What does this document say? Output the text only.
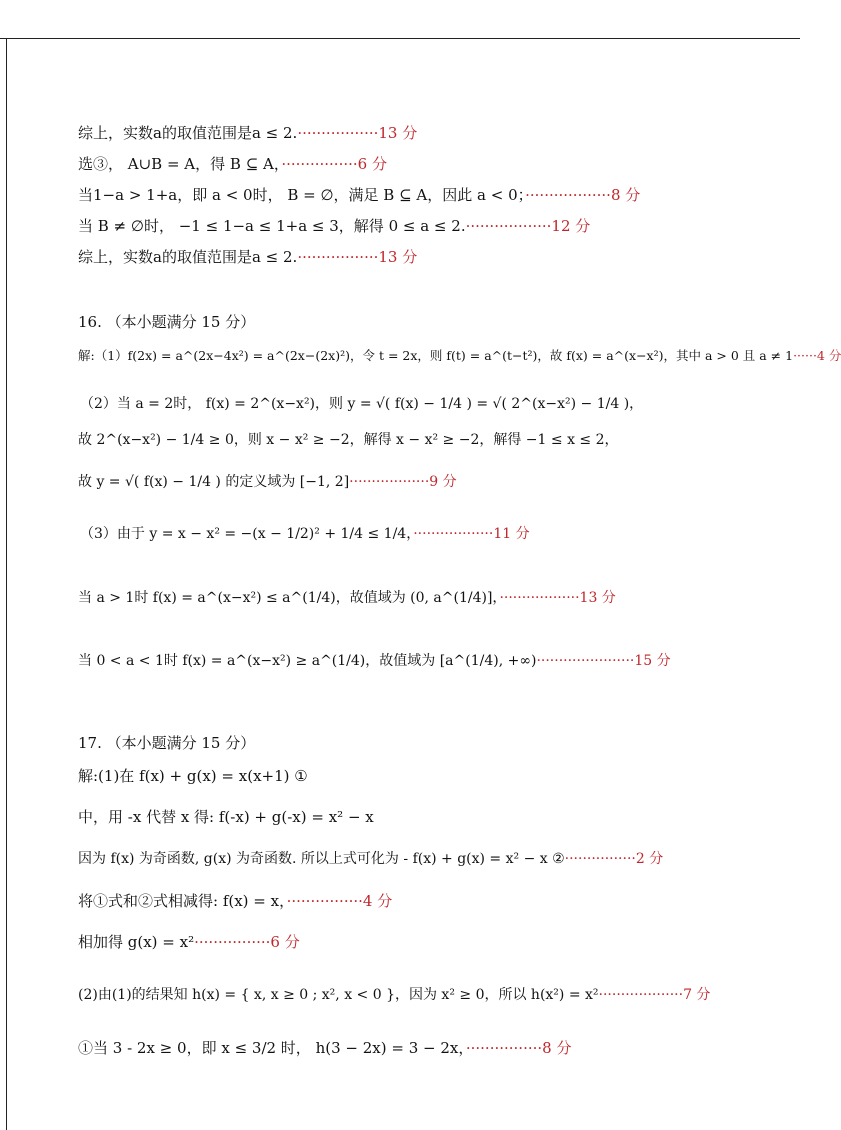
综上，实数a的取值范围是a ≤ 2.·················13 分
选③， A∪B = A，得 B ⊆ A，················6 分
当1−a > 1+a，即 a < 0时， B = ∅，满足 B ⊆ A，因此 a < 0；··················8 分
当 B ≠ ∅时， −1 ≤ 1−a ≤ 1+a ≤ 3，解得 0 ≤ a ≤ 2.··················12 分
综上，实数a的取值范围是a ≤ 2.·················13 分
16. （本小题满分 15 分）
解:（1）f(2x) = a^(2x−4x²) = a^(2x−(2x)²)，令 t = 2x，则 f(t) = a^(t−t²)，故 f(x) = a^(x−x²)，其中 a > 0 且 a ≠ 1······4 分
（2）当 a = 2时， f(x) = 2^(x−x²)，则 y = √( f(x) − 1/4 ) = √( 2^(x−x²) − 1/4 )，
故 2^(x−x²) − 1/4 ≥ 0，则 x − x² ≥ −2，解得 x − x² ≥ −2，解得 −1 ≤ x ≤ 2，
故 y = √( f(x) − 1/4 ) 的定义域为 [−1, 2]··················9 分
（3）由于 y = x − x² = −(x − 1/2)² + 1/4 ≤ 1/4，··················11 分
当 a > 1时 f(x) = a^(x−x²) ≤ a^(1/4)，故值域为 (0, a^(1/4)]，··················13 分
当 0 < a < 1时 f(x) = a^(x−x²) ≥ a^(1/4)，故值域为 [a^(1/4), +∞)······················15 分
17. （本小题满分 15 分）
解:(1)在 f(x) + g(x) = x(x+1) ①
中，用 -x 代替 x 得: f(-x) + g(-x) = x² − x
因为 f(x) 为奇函数, g(x) 为奇函数. 所以上式可化为 - f(x) + g(x) = x² − x ②················2 分
将①式和②式相减得: f(x) = x，················4 分
相加得 g(x) = x²················6 分
(2)由(1)的结果知 h(x) = { x, x ≥ 0 ; x², x < 0 }，因为 x² ≥ 0，所以 h(x²) = x²···················7 分
①当 3 - 2x ≥ 0，即 x ≤ 3/2 时， h(3 − 2x) = 3 − 2x，················8 分
